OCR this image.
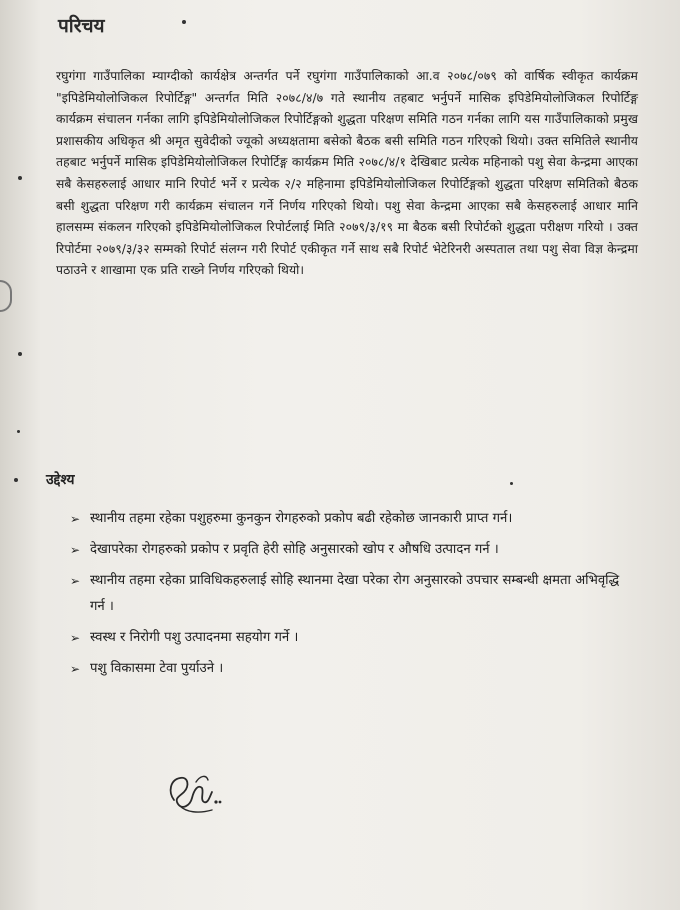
परिचय

रघुगंगा गाउँपालिका म्याग्दीको कार्यक्षेत्र अन्तर्गत पर्ने रघुगंगा गाउँपालिकाको आ.व २०७८/०७९ को वार्षिक स्वीकृत कार्यक्रम "इपिडेमियोलोजिकल रिपोर्टिङ्ग" अन्तर्गत मिति २०७८/४/७ गते स्थानीय तहबाट भर्नुपर्ने मासिक इपिडेमियोलोजिकल रिपोर्टिङ्ग कार्यक्रम संचालन गर्नका लागि इपिडेमियोलोजिकल रिपोर्टिङ्गको शुद्धता परिक्षण समिति गठन गर्नका लागि यस गाउँपालिकाको प्रमुख प्रशासकीय अधिकृत श्री अमृत सुवेदीको ज्यूको अध्यक्षतामा बसेको बैठक बसी समिति गठन गरिएको थियो। उक्त समितिले स्थानीय तहबाट भर्नुपर्ने मासिक इपिडेमियोलोजिकल रिपोर्टिङ्ग कार्यक्रम मिति २०७८/४/१ देखिबाट प्रत्येक महिनाको पशु सेवा केन्द्रमा आएका सबै केसहरुलाई आधार मानि रिपोर्ट भर्ने र प्रत्येक २/२ महिनामा इपिडेमियोलोजिकल रिपोर्टिङ्गको शुद्धता परिक्षण समितिको बैठक बसी शुद्धता परिक्षण गरी कार्यक्रम संचालन गर्ने निर्णय गरिएको थियो। पशु सेवा केन्द्रमा आएका सबै केसहरुलाई आधार मानि हालसम्म संकलन गरिएको इपिडेमियोलोजिकल रिपोर्टलाई मिति २०७९/३/१९ मा बैठक बसी रिपोर्टको शुद्धता परीक्षण गरियो । उक्त रिपोर्टमा २०७९/३/३२ सम्मको रिपोर्ट संलग्न गरी रिपोर्ट एकीकृत गर्ने साथ सबै रिपोर्ट भेटेरिनरी अस्पताल तथा पशु सेवा विज्ञ केन्द्रमा पठाउने र शाखामा एक प्रति राख्ने निर्णय गरिएको थियो।

उद्देश्य
➢ स्थानीय तहमा रहेका पशुहरुमा कुनकुन रोगहरुको प्रकोप बढी रहेकोछ जानकारी प्राप्त गर्न।
➢ देखापरेका रोगहरुको प्रकोप र प्रवृति हेरी सोहि अनुसारको खोप र औषधि उत्पादन गर्न ।
➢ स्थानीय तहमा रहेका प्राविधिकहरुलाई सोहि स्थानमा देखा परेका रोग अनुसारको उपचार सम्बन्धी क्षमता अभिवृद्धि गर्न ।
➢ स्वस्थ र निरोगी पशु उत्पादनमा सहयोग गर्ने ।
➢ पशु विकासमा टेवा पुर्याउने ।
